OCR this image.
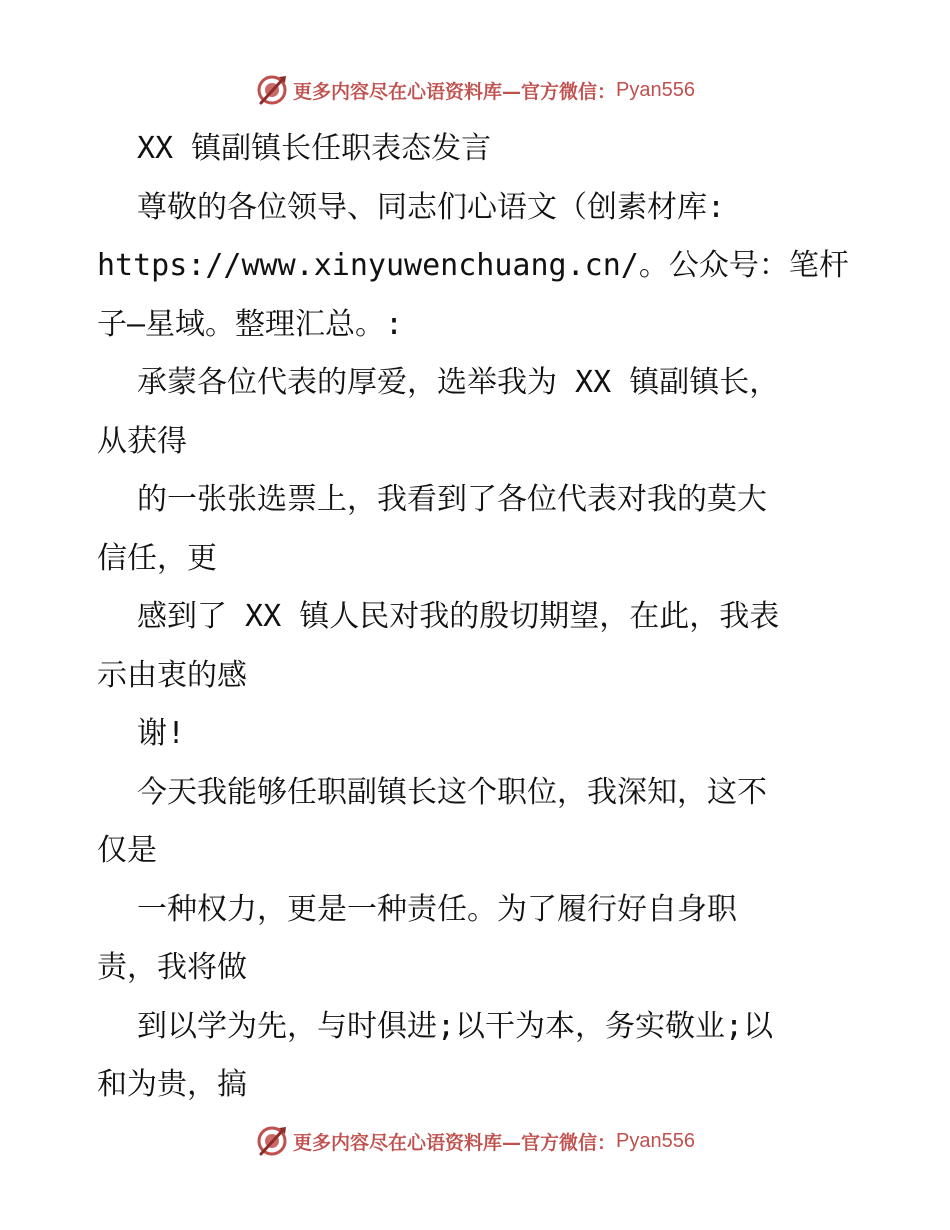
更多内容尽在心语资料库—官方微信： Pyan556
XX 镇副镇长任职表态发言
尊敬的各位领导、同志们心语文（创素材库:
https://www.xinyuwenchuang.cn/。公众号：笔杆
子—星域。整理汇总。:
承蒙各位代表的厚爱，选举我为 XX 镇副镇长，
从获得
的一张张选票上，我看到了各位代表对我的莫大
信任，更
感到了 XX 镇人民对我的殷切期望，在此，我表
示由衷的感
谢!
今天我能够任职副镇长这个职位，我深知，这不
仅是
一种权力，更是一种责任。为了履行好自身职
责，我将做
到以学为先，与时俱进;以干为本，务实敬业;以
和为贵，搞
更多内容尽在心语资料库—官方微信： Pyan556
